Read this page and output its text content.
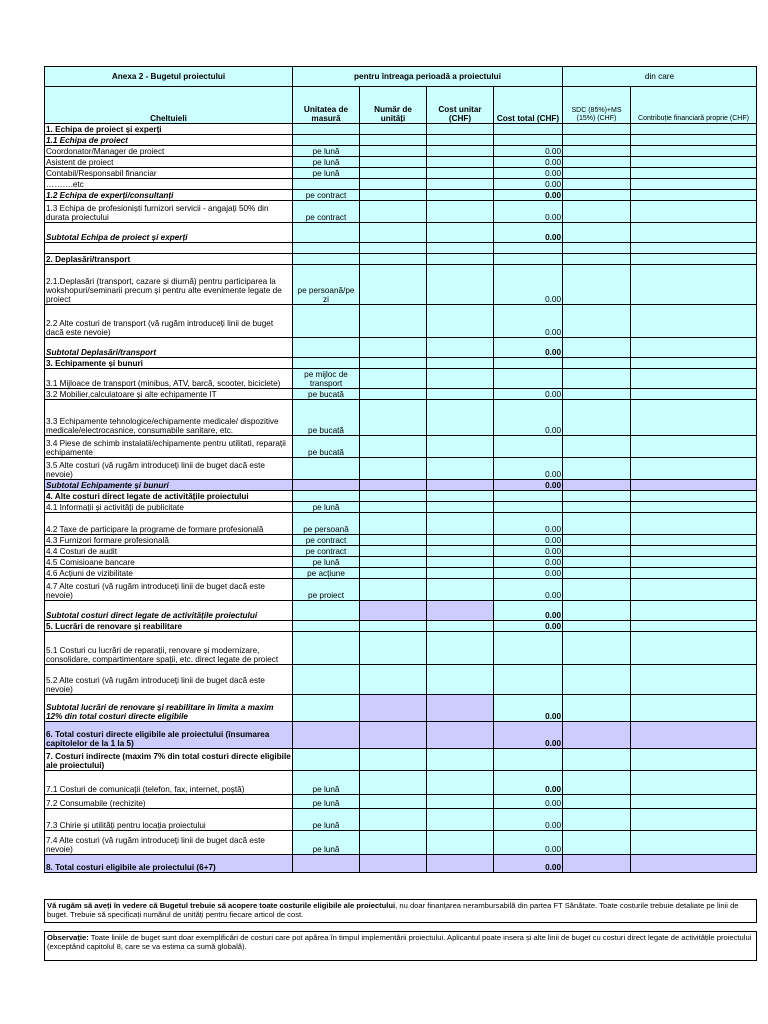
Anexa 2 - Bugetul proiectului	pentru întreaga perioadă a proiectului				din care	
Cheltuieli	Unitatea de masură	Număr de unități	Cost unitar (CHF)	Cost total (CHF)	SDC (85%)+MS (15%) (CHF)	Contribuție financiară proprie (CHF)
1. Echipa de proiect și experți						
1.1 Echipa de proiect						
Coordonator/Manager de proiect	pe lună			0.00		
Asistent de proiect	pe lună			0.00		
Contabil/Responsabil financiar	pe lună			0.00		
……….etc				0.00		
1.2 Echipa de experți/consultanți	pe contract			0.00		
1.3 Echipa de profesioniști furnizori servicii - angajați 50% din durata proiectului	pe contract			0.00		
Subtotal Echipa de proiect și experți				0.00		

2. Deplasări/transport						
2.1.Deplasări (transport, cazare și diurnă) pentru participarea la wokshopuri/seminarii precum și pentru alte evenimente legate de proiect	pe persoană/pe zi			0.00		
2.2 Alte costuri de transport (vă rugăm introduceți linii de buget dacă este nevoie)				0.00		
Subtotal Deplasări/transport				0.00		
3. Echipamente și bunuri						
3.1 Mijloace de transport (minibus, ATV, barcă, scooter, biciclete)	pe mijloc de transport					
3.2 Mobilier,calculatoare și alte echipamente IT	pe bucată			0.00		
3.3 Echipamente tehnologice/echipamente medicale/ dispozitive medicale/electrocasnice, consumabile sanitare, etc.	pe bucată			0.00		
3.4 Piese de schimb instalatii/echipamente pentru utilitati, reparații echipamente	pe bucată					
3.5 Alte costuri (vă rugăm introduceți linii de buget dacă este nevoie)				0.00		
Subtotal Echipamente și bunuri				0.00		
4. Alte costuri direct legate de activitățile proiectului						
4.1 Informații și activități de publicitate	pe lună					
4.2 Taxe de participare la programe de formare profesională	pe persoană			0.00		
4.3 Furnizori formare profesională	pe contract			0.00		
4.4 Costuri de audit	pe contract			0.00		
4.5 Comisioane bancare	pe lună			0.00		
4.6 Acțiuni de vizibilitate	pe acțiune			0.00		
4.7 Alte costuri (vă rugăm introduceți linii de buget dacă este nevoie)	pe proiect			0.00		
Subtotal costuri direct legate de activitățile proiectului				0.00		
5. Lucrări de renovare și reabilitare				0.00		
5.1 Costuri cu lucrări de reparații, renovare și modernizare, consolidare, compartimentare spații, etc. direct legate de proiect						
5.2 Alte costuri (vă rugăm introduceți linii de buget dacă este nevoie)						
Subtotal lucrări de renovare și reabilitare în limita a maxim 12% din total costuri directe eligibile				0.00		
6. Total costuri directe eligibile ale proiectului (însumarea capitolelor de la 1 la 5)				0.00		
7. Costuri indirecte (maxim 7% din total costuri directe eligibile ale proiectului)						
7.1 Costuri de comunicații (telefon, fax, internet, poștă)	pe lună			0.00		
7.2 Consumabile (rechizite)	pe lună			0.00		
7.3 Chirie și utilități pentru locația proiectului	pe lună			0.00		
7.4 Alte costuri (vă rugăm introduceți linii de buget dacă este nevoie)	pe lună			0.00		
8. Total costuri eligibile ale proiectului (6+7)				0.00		
Vă rugăm să aveți în vedere că Bugetul trebuie să acopere toate costurile eligibile ale proiectului, nu doar finanțarea nerambursabilă din partea FT Sănătate. Toate costurile trebuie detaliate pe linii de buget. Trebuie să specificați numărul de unități pentru fiecare articol de cost.
Observație: Toate liniile de buget sunt doar exemplificări de costuri care pot apărea în timpul implementării proiectului. Aplicantul poate insera și alte linii de buget cu costuri direct legate de activitățile proiectului (exceptând capitolul 8, care se va estima ca sumă globală).
